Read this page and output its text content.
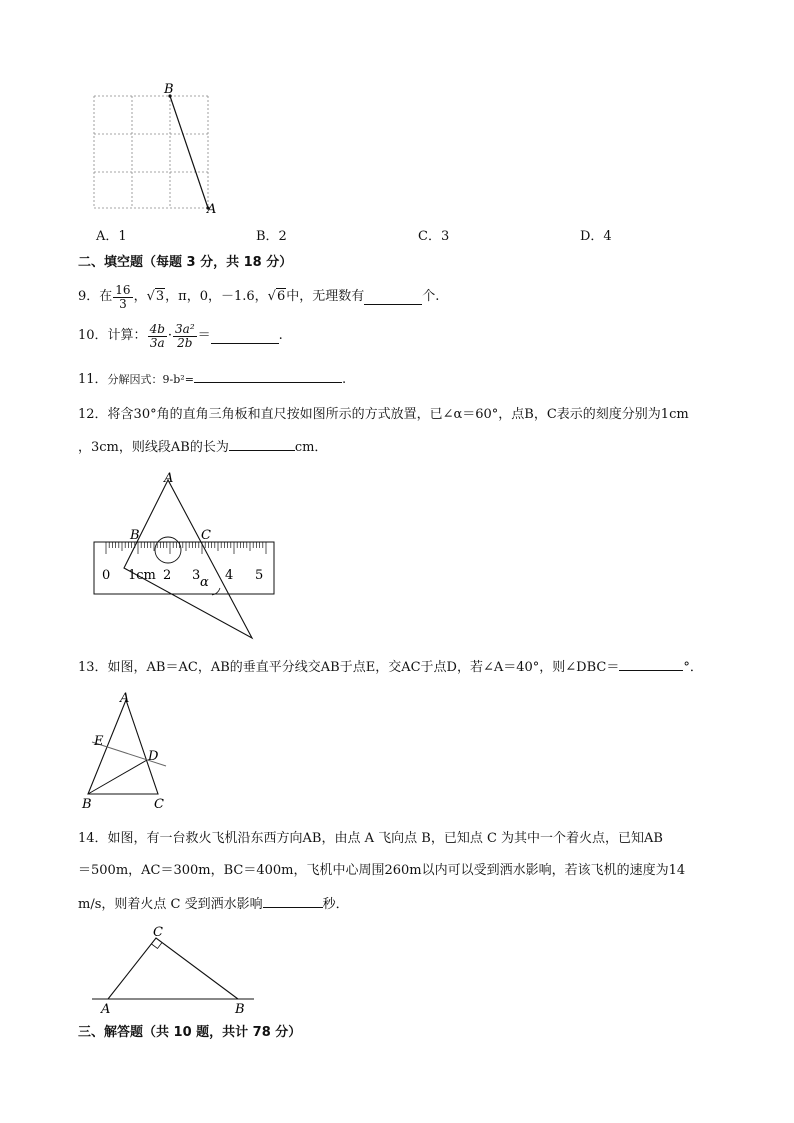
B
A
A．1	B．2	C．3	D．4
二、填空题（每题 3 分，共 18 分）
9． 在 $\frac{16}{3}$ ， √3 ，π，0，－1.6， √6 中，无理数有	个.
10． 计算： $\frac{4b}{3a} \cdot \frac{\text{3a²}}{2b}$ ＝	.
11．分解因式：9-b²=	.
12．将含30°角的直角三角板和直尺按如图所示的方式放置，已∠α＝60°，点B，C表示的刻度分别为1cm
，3cm，则线段AB的长为	cm．
A
B	C
α
0 1cm 2 3 4 5
13．如图，AB＝AC，AB的垂直平分线交AB于点E，交AC于点D，若∠A＝40°，则∠DBC＝	°．
A
E
D
B	C
14．如图，有一台救火飞机沿东西方向AB，由点 A 飞向点 B，已知点 C 为其中一个着火点，已知AB
＝500m，AC＝300m，BC＝400m，飞机中心周围260m以内可以受到洒水影响，若该飞机的速度为14
m/s，则着火点 C 受到洒水影响	秒．
C
A	B
三、解答题（共 10 题，共计 78 分）
